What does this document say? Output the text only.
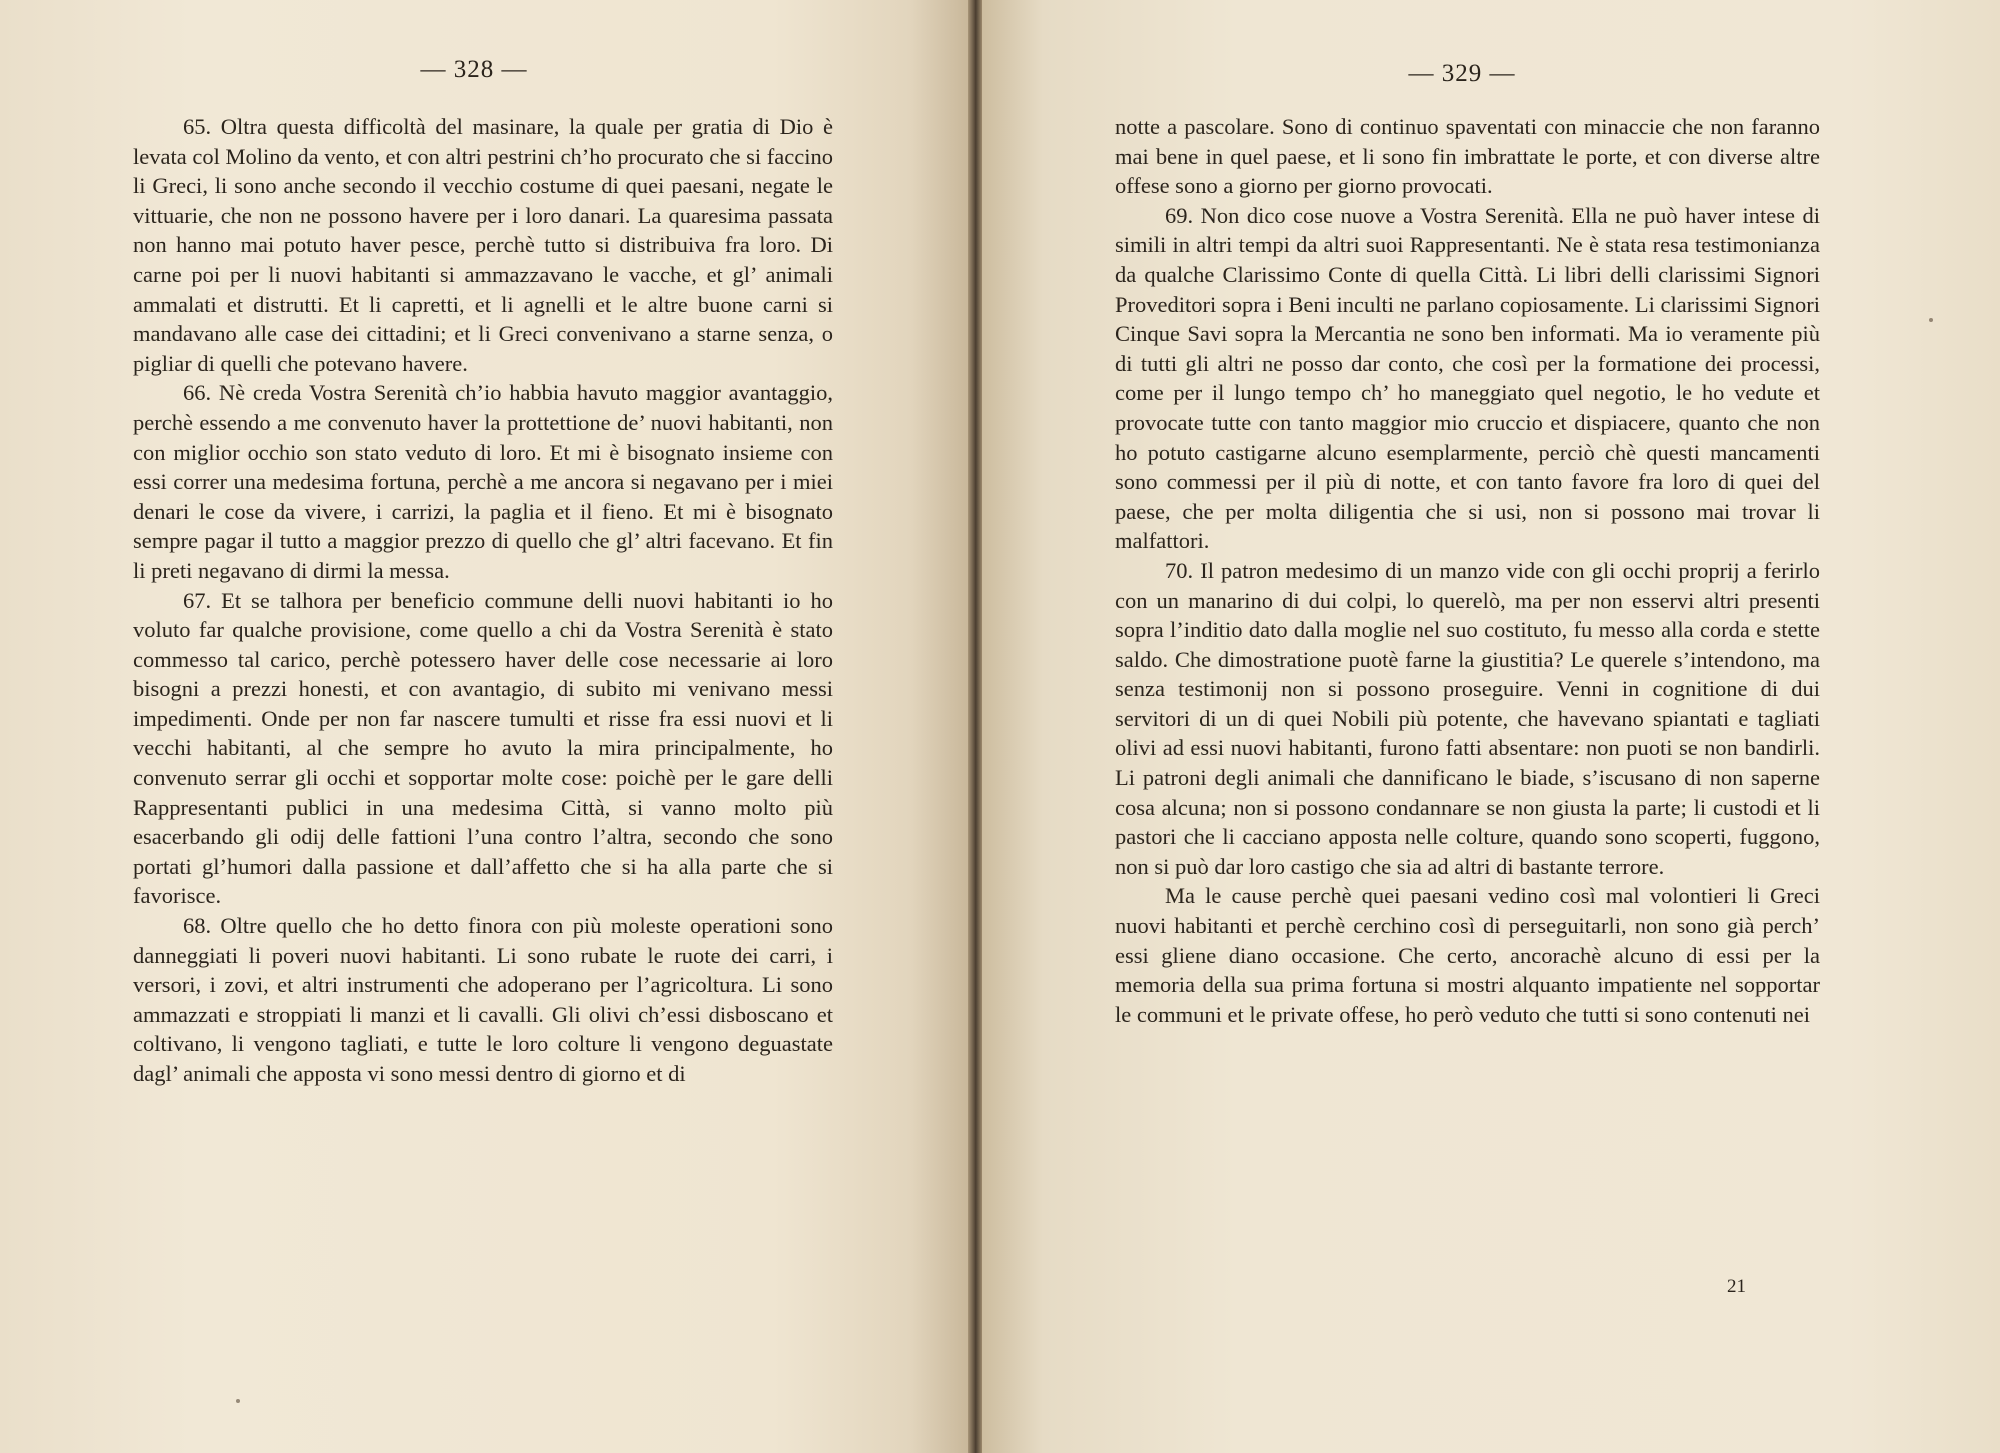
— 328 —

65. Oltra questa difficoltà del masinare, la quale per gratia di Dio è levata col Molino da vento, et con altri pestrini ch’ho procurato che si faccino li Greci, li sono anche secondo il vecchio costume di quei paesani, negate le vittuarie, che non ne possono havere per i loro danari. La quaresima passata non hanno mai potuto haver pesce, perchè tutto si distribuiva fra loro. Di carne poi per li nuovi habitanti si ammazzavano le vacche, et gl’ animali ammalati et distrutti. Et li capretti, et li agnelli et le altre buone carni si mandavano alle case dei cittadini; et li Greci convenivano a starne senza, o pigliar di quelli che potevano havere.

66. Nè creda Vostra Serenità ch’io habbia havuto maggior avantaggio, perchè essendo a me convenuto haver la prottettione de’ nuovi habitanti, non con miglior occhio son stato veduto di loro. Et mi è bisognato insieme con essi correr una medesima fortuna, perchè a me ancora si negavano per i miei denari le cose da vivere, i carrizi, la paglia et il fieno. Et mi è bisognato sempre pagar il tutto a maggior prezzo di quello che gl’ altri facevano. Et fin li preti negavano di dirmi la messa.

67. Et se talhora per beneficio commune delli nuovi habitanti io ho voluto far qualche provisione, come quello a chi da Vostra Serenità è stato commesso tal carico, perchè potessero haver delle cose necessarie ai loro bisogni a prezzi honesti, et con avantagio, di subito mi venivano messi impedimenti. Onde per non far nascere tumulti et risse fra essi nuovi et li vecchi habitanti, al che sempre ho avuto la mira principalmente, ho convenuto serrar gli occhi et sopportar molte cose: poichè per le gare delli Rappresentanti publici in una medesima Città, si vanno molto più esacerbando gli odij delle fattioni l’una contro l’altra, secondo che sono portati gl’humori dalla passione et dall’affetto che si ha alla parte che si favorisce.

68. Oltre quello che ho detto finora con più moleste operationi sono danneggiati li poveri nuovi habitanti. Li sono rubate le ruote dei carri, i versori, i zovi, et altri instrumenti che adoperano per l’agricoltura. Li sono ammazzati e stroppiati li manzi et li cavalli. Gli olivi ch’essi disboscano et coltivano, li vengono tagliati, e tutte le loro colture li vengono deguastate dagl’ animali che apposta vi sono messi dentro di giorno et di

— 329 —

notte a pascolare. Sono di continuo spaventati con minaccie che non faranno mai bene in quel paese, et li sono fin imbrattate le porte, et con diverse altre offese sono a giorno per giorno provocati.

69. Non dico cose nuove a Vostra Serenità. Ella ne può haver intese di simili in altri tempi da altri suoi Rappresentanti. Ne è stata resa testimonianza da qualche Clarissimo Conte di quella Città. Li libri delli clarissimi Signori Proveditori sopra i Beni inculti ne parlano copiosamente. Li clarissimi Signori Cinque Savi sopra la Mercantia ne sono ben informati. Ma io veramente più di tutti gli altri ne posso dar conto, che così per la formatione dei processi, come per il lungo tempo ch’ ho maneggiato quel negotio, le ho vedute et provocate tutte con tanto maggior mio cruccio et dispiacere, quanto che non ho potuto castigarne alcuno esemplarmente, perciò chè questi mancamenti sono commessi per il più di notte, et con tanto favore fra loro di quei del paese, che per molta diligentia che si usi, non si possono mai trovar li malfattori.

70. Il patron medesimo di un manzo vide con gli occhi proprij a ferirlo con un manarino di dui colpi, lo querelò, ma per non esservi altri presenti sopra l’inditio dato dalla moglie nel suo costituto, fu messo alla corda e stette saldo. Che dimostratione puotè farne la giustitia? Le querele s’intendono, ma senza testimonij non si possono proseguire. Venni in cognitione di dui servitori di un di quei Nobili più potente, che havevano spiantati e tagliati olivi ad essi nuovi habitanti, furono fatti absentare: non puoti se non bandirli. Li patroni degli animali che dannificano le biade, s’iscusano di non saperne cosa alcuna; non si possono condannare se non giusta la parte; li custodi et li pastori che li cacciano apposta nelle colture, quando sono scoperti, fuggono, non si può dar loro castigo che sia ad altri di bastante terrore.

Ma le cause perchè quei paesani vedino così mal volontieri li Greci nuovi habitanti et perchè cerchino così di perseguitarli, non sono già perch’ essi gliene diano occasione. Che certo, ancorachè alcuno di essi per la memoria della sua prima fortuna si mostri alquanto impatiente nel sopportar le communi et le private offese, ho però veduto che tutti si sono contenuti nei

21
